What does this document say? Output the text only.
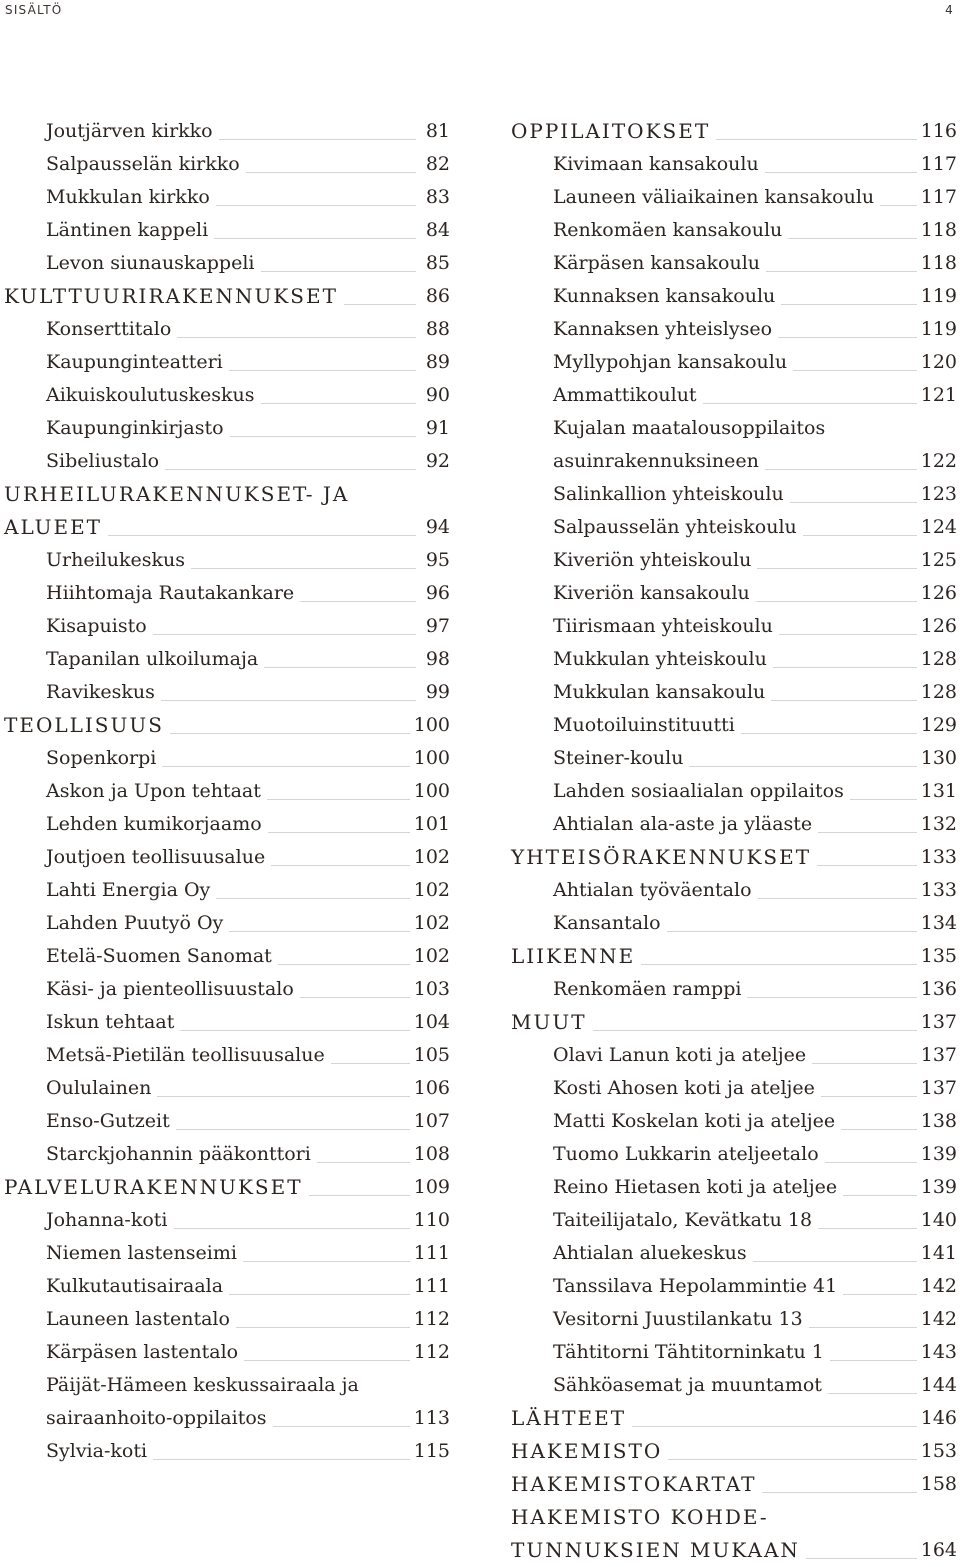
SISÄLTÖ	4
Joutjärven kirkko	81
Salpausselän kirkko	82
Mukkulan kirkko	83
Läntinen kappeli	84
Levon siunauskappeli	85
KULTTUURIRAKENNUKSET	86
Konserttitalo	88
Kaupunginteatteri	89
Aikuiskoulutuskeskus	90
Kaupunginkirjasto	91
Sibeliustalo	92
URHEILURAKENNUKSET- JA
ALUEET	94
Urheilukeskus	95
Hiihtomaja Rautakankare	96
Kisapuisto	97
Tapanilan ulkoilumaja	98
Ravikeskus	99
TEOLLISUUS	100
Sopenkorpi	100
Askon ja Upon tehtaat	100
Lehden kumikorjaamo	101
Joutjoen teollisuusalue	102
Lahti Energia Oy	102
Lahden Puutyö Oy	102
Etelä-Suomen Sanomat	102
Käsi- ja pienteollisuustalo	103
Iskun tehtaat	104
Metsä-Pietilän teollisuusalue	105
Oululainen	106
Enso-Gutzeit	107
Starckjohannin pääkonttori	108
PALVELURAKENNUKSET	109
Johanna-koti	110
Niemen lastenseimi	111
Kulkutautisairaala	111
Launeen lastentalo	112
Kärpäsen lastentalo	112
Päijät-Hämeen keskussairaala ja
sairaanhoito-oppilaitos	113
Sylvia-koti	115
OPPILAITOKSET	116
Kivimaan kansakoulu	117
Launeen väliaikainen kansakoulu	117
Renkomäen kansakoulu	118
Kärpäsen kansakoulu	118
Kunnaksen kansakoulu	119
Kannaksen yhteislyseo	119
Myllypohjan kansakoulu	120
Ammattikoulut	121
Kujalan maatalousoppilaitos
asuinrakennuksineen	122
Salinkallion yhteiskoulu	123
Salpausselän yhteiskoulu	124
Kiveriön yhteiskoulu	125
Kiveriön kansakoulu	126
Tiirismaan yhteiskoulu	126
Mukkulan yhteiskoulu	128
Mukkulan kansakoulu	128
Muotoiluinstituutti	129
Steiner-koulu	130
Lahden sosiaalialan oppilaitos	131
Ahtialan ala-aste ja yläaste	132
YHTEISÖRAKENNUKSET	133
Ahtialan työväentalo	133
Kansantalo	134
LIIKENNE	135
Renkomäen ramppi	136
MUUT	137
Olavi Lanun koti ja ateljee	137
Kosti Ahosen koti ja ateljee	137
Matti Koskelan koti ja ateljee	138
Tuomo Lukkarin ateljeetalo	139
Reino Hietasen koti ja ateljee	139
Taiteilijatalo, Kevätkatu 18	140
Ahtialan aluekeskus	141
Tanssilava Hepolammintie 41	142
Vesitorni Juustilankatu 13	142
Tähtitorni Tähtitorninkatu 1	143
Sähköasemat ja muuntamot	144
LÄHTEET	146
HAKEMISTO	153
HAKEMISTOKARTAT	158
HAKEMISTO KOHDE-
TUNNUKSIEN MUKAAN	164
